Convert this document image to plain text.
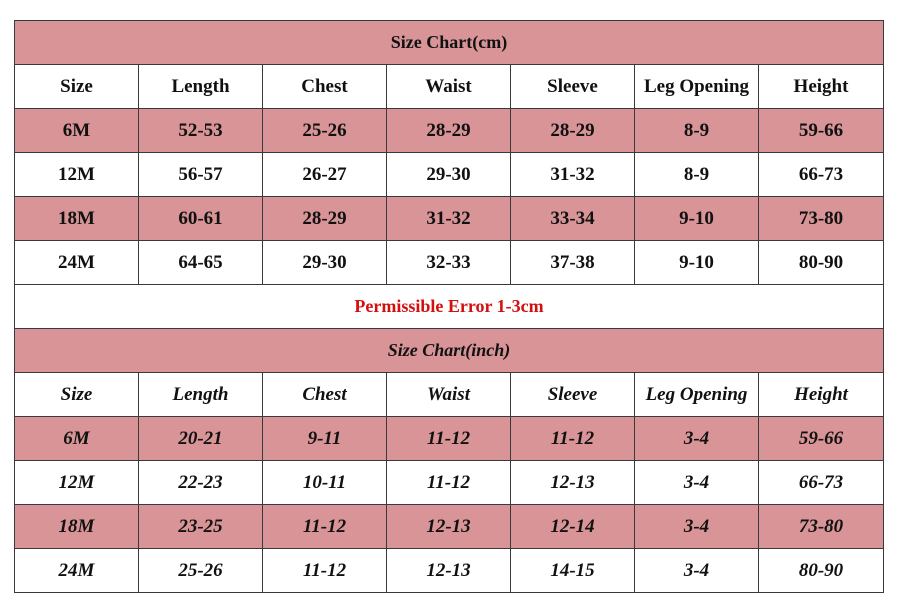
Size Chart(cm)						
Size	Length	Chest	Waist	Sleeve	Leg Opening	Height
6M	52-53	25-26	28-29	28-29	8-9	59-66
12M	56-57	26-27	29-30	31-32	8-9	66-73
18M	60-61	28-29	31-32	33-34	9-10	73-80
24M	64-65	29-30	32-33	37-38	9-10	80-90
Permissible Error 1-3cm						
Size Chart(inch)						
Size	Length	Chest	Waist	Sleeve	Leg Opening	Height
6M	20-21	9-11	11-12	11-12	3-4	59-66
12M	22-23	10-11	11-12	12-13	3-4	66-73
18M	23-25	11-12	12-13	12-14	3-4	73-80
24M	25-26	11-12	12-13	14-15	3-4	80-90
